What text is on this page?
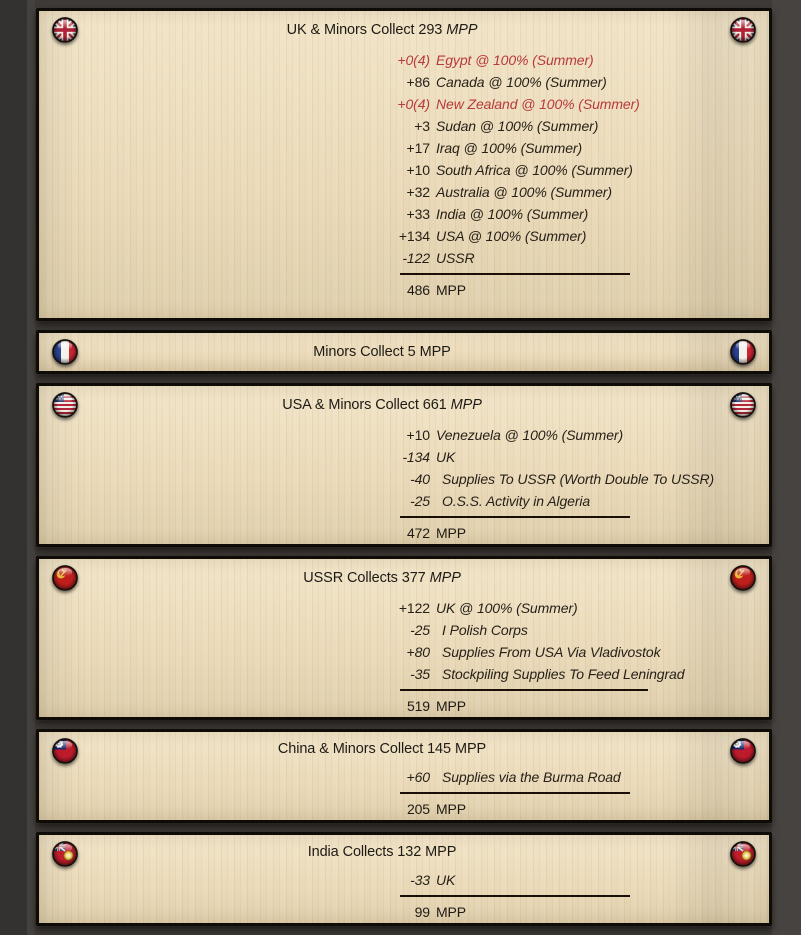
UK & Minors Collect 293 MPP
+0(4) Egypt @ 100% (Summer)
+86 Canada @ 100% (Summer)
+0(4) New Zealand @ 100% (Summer)
+3 Sudan @ 100% (Summer)
+17 Iraq @ 100% (Summer)
+10 South Africa @ 100% (Summer)
+32 Australia @ 100% (Summer)
+33 India @ 100% (Summer)
+134 USA @ 100% (Summer)
-122 USSR
486 MPP
Minors Collect 5 MPP
USA & Minors Collect 661 MPP
+10 Venezuela @ 100% (Summer)
-134 UK
-40 Supplies To USSR (Worth Double To USSR)
-25 O.S.S. Activity in Algeria
472 MPP
USSR Collects 377 MPP
+122 UK @ 100% (Summer)
-25 I Polish Corps
+80 Supplies From USA Via Vladivostok
-35 Stockpiling Supplies To Feed Leningrad
519 MPP
China & Minors Collect 145 MPP
+60 Supplies via the Burma Road
205 MPP
India Collects 132 MPP
-33 UK
99 MPP
